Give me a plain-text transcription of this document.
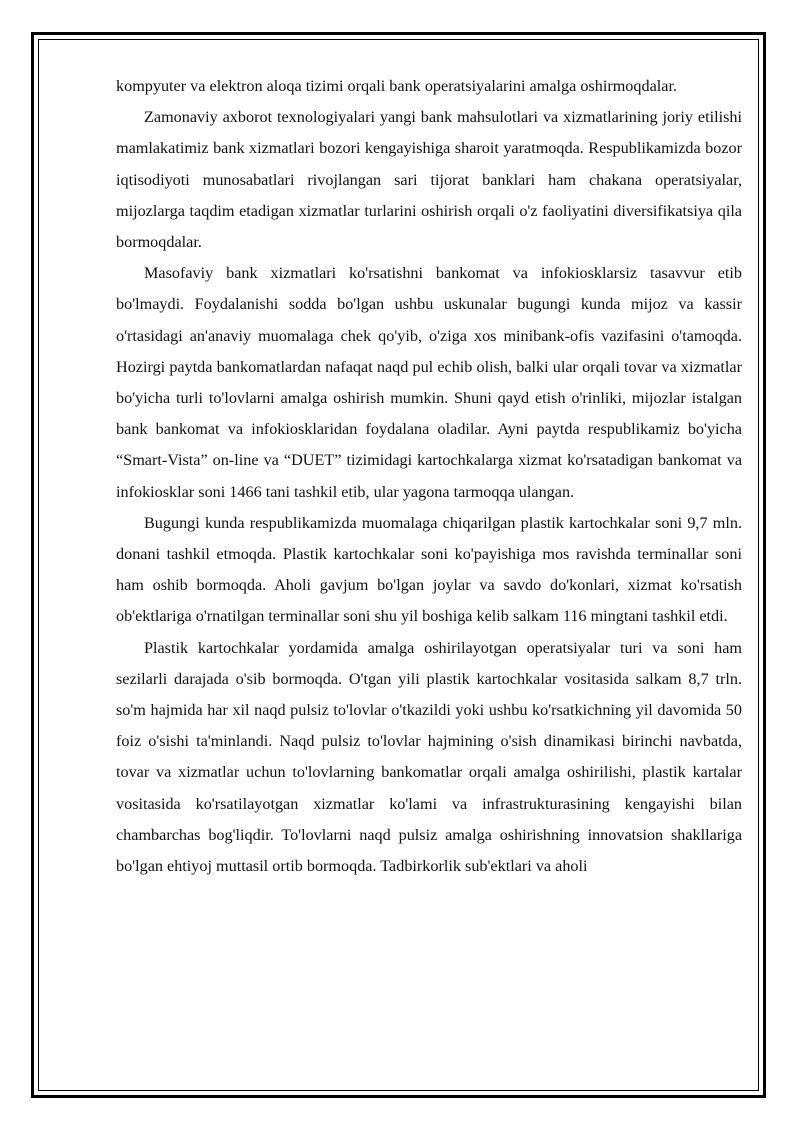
kompyuter va elektron aloqa tizimi orqali bank operatsiyalarini amalga oshirmoqdalar.

Zamonaviy axborot texnologiyalari yangi bank mahsulotlari va xizmatlarining joriy etilishi mamlakatimiz bank xizmatlari bozori kengayishiga sharoit yaratmoqda. Respublikamizda bozor iqtisodiyoti munosabatlari rivojlangan sari tijorat banklari ham chakana operatsiyalar, mijozlarga taqdim etadigan xizmatlar turlarini oshirish orqali o'z faoliyatini diversifikatsiya qila bormoqdalar.

Masofaviy bank xizmatlari ko'rsatishni bankomat va infokiosklarsiz tasavvur etib bo'lmaydi. Foydalanishi sodda bo'lgan ushbu uskunalar bugungi kunda mijoz va kassir o'rtasidagi an'anaviy muomalaga chek qo'yib, o'ziga xos minibank-ofis vazifasini o'tamoqda. Hozirgi paytda bankomatlardan nafaqat naqd pul echib olish, balki ular orqali tovar va xizmatlar bo'yicha turli to'lovlarni amalga oshirish mumkin. Shuni qayd etish o'rinliki, mijozlar istalgan bank bankomat va infokiosklaridan foydalana oladilar. Ayni paytda respublikamiz bo'yicha “Smart-Vista” on-line va “DUET” tizimidagi kartochkalarga xizmat ko'rsatadigan bankomat va infokiosklar soni 1466 tani tashkil etib, ular yagona tarmoqqa ulangan.

Bugungi kunda respublikamizda muomalaga chiqarilgan plastik kartochkalar soni 9,7 mln. donani tashkil etmoqda. Plastik kartochkalar soni ko'payishiga mos ravishda terminallar soni ham oshib bormoqda. Aholi gavjum bo'lgan joylar va savdo do'konlari, xizmat ko'rsatish ob'ektlariga o'rnatilgan terminallar soni shu yil boshiga kelib salkam 116 mingtani tashkil etdi.

Plastik kartochkalar yordamida amalga oshirilayotgan operatsiyalar turi va soni ham sezilarli darajada o'sib bormoqda. O'tgan yili plastik kartochkalar vositasida salkam 8,7 trln. so'm hajmida har xil naqd pulsiz to'lovlar o'tkazildi yoki ushbu ko'rsatkichning yil davomida 50 foiz o'sishi ta'minlandi. Naqd pulsiz to'lovlar hajmining o'sish dinamikasi birinchi navbatda, tovar va xizmatlar uchun to'lovlarning bankomatlar orqali amalga oshirilishi, plastik kartalar vositasida ko'rsatilayotgan xizmatlar ko'lami va infrastrukturasining kengayishi bilan chambarchas bog'liqdir. To'lovlarni naqd pulsiz amalga oshirishning innovatsion shakllariga bo'lgan ehtiyoj muttasil ortib bormoqda. Tadbirkorlik sub'ektlari va aholi
